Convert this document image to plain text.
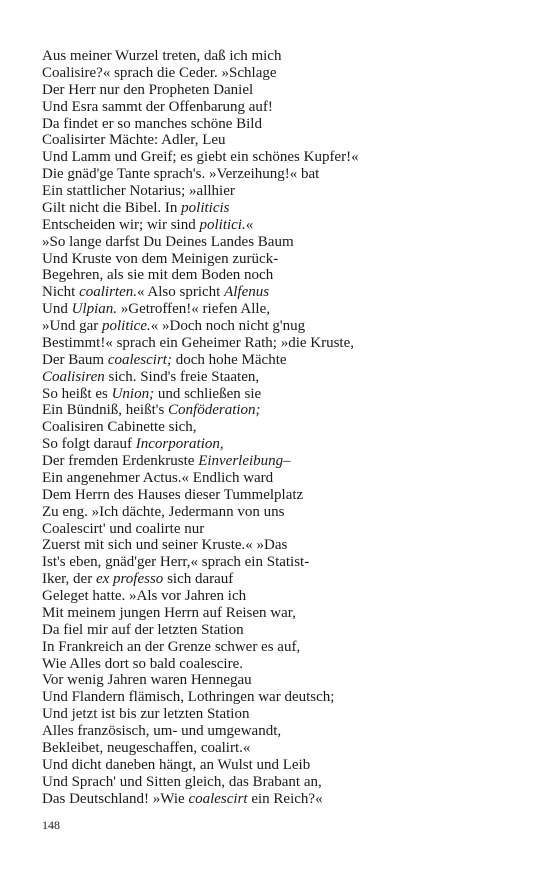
Aus meiner Wurzel treten, daß ich mich
Coalisire?« sprach die Ceder. »Schlage
Der Herr nur den Propheten Daniel
Und Esra sammt der Offenbarung auf!
Da findet er so manches schöne Bild
Coalisirter Mächte: Adler, Leu
Und Lamm und Greif; es giebt ein schönes Kupfer!«
Die gnäd'ge Tante sprach's. »Verzeihung!« bat
Ein stattlicher Notarius; »allhier
Gilt nicht die Bibel. In politicis
Entscheiden wir; wir sind politici.«
»So lange darfst Du Deines Landes Baum
Und Kruste von dem Meinigen zurück-
Begehren, als sie mit dem Boden noch
Nicht coalirten.« Also spricht Alfenus
Und Ulpian. »Getroffen!« riefen Alle,
»Und gar politice.« »Doch noch nicht g'nug
Bestimmt!« sprach ein Geheimer Rath; »die Kruste,
Der Baum coalescirt; doch hohe Mächte
Coalisiren sich. Sind's freie Staaten,
So heißt es Union; und schließen sie
Ein Bündniß, heißt's Conföderation;
Coalisiren Cabinette sich,
So folgt darauf Incorporation,
Der fremden Erdenkruste Einverleibung–
Ein angenehmer Actus.« Endlich ward
Dem Herrn des Hauses dieser Tummelplatz
Zu eng. »Ich dächte, Jedermann von uns
Coalescirt' und coalirte nur
Zuerst mit sich und seiner Kruste.« »Das
Ist's eben, gnäd'ger Herr,« sprach ein Statist-
Iker, der ex professo sich darauf
Geleget hatte. »Als vor Jahren ich
Mit meinem jungen Herrn auf Reisen war,
Da fiel mir auf der letzten Station
In Frankreich an der Grenze schwer es auf,
Wie Alles dort so bald coalescire.
Vor wenig Jahren waren Hennegau
Und Flandern flämisch, Lothringen war deutsch;
Und jetzt ist bis zur letzten Station
Alles französisch, um- und umgewandt,
Bekleibet, neugeschaffen, coalirt.«
Und dicht daneben hängt, an Wulst und Leib
Und Sprach' und Sitten gleich, das Brabant an,
Das Deutschland! »Wie coalescirt ein Reich?«
148
